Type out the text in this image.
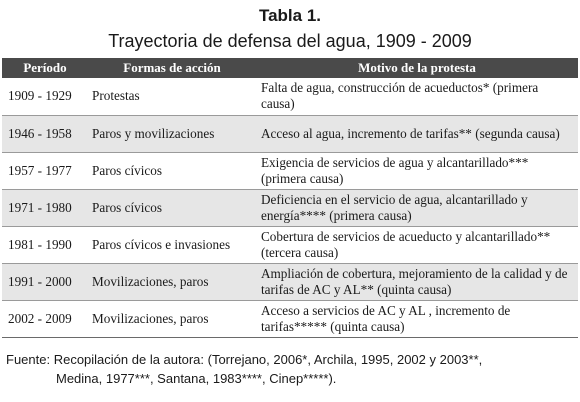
Tabla 1.
Trayectoria de defensa del agua, 1909 - 2009
Período	Formas de acción	Motivo de la protesta
1909 - 1929	Protestas	Falta de agua, construcción de acueductos* (primera causa)
1946 - 1958	Paros y movilizaciones	Acceso al agua, incremento de tarifas** (segunda causa)
1957 - 1977	Paros cívicos	Exigencia de servicios de agua y alcantarillado*** (primera causa)
1971 - 1980	Paros cívicos	Deficiencia en el servicio de agua, alcantarillado y energía**** (primera causa)
1981 - 1990	Paros cívicos e invasiones	Cobertura de servicios de acueducto y alcantarillado** (tercera causa)
1991 - 2000	Movilizaciones, paros	Ampliación de cobertura, mejoramiento de la calidad y de tarifas de AC y AL** (quinta causa)
2002 - 2009	Movilizaciones, paros	Acceso a servicios de AC y AL , incremento de tarifas***** (quinta causa)
Fuente: Recopilación de la autora: (Torrejano, 2006*, Archila, 1995, 2002 y 2003**,
Medina, 1977***, Santana, 1983****, Cinep*****).
